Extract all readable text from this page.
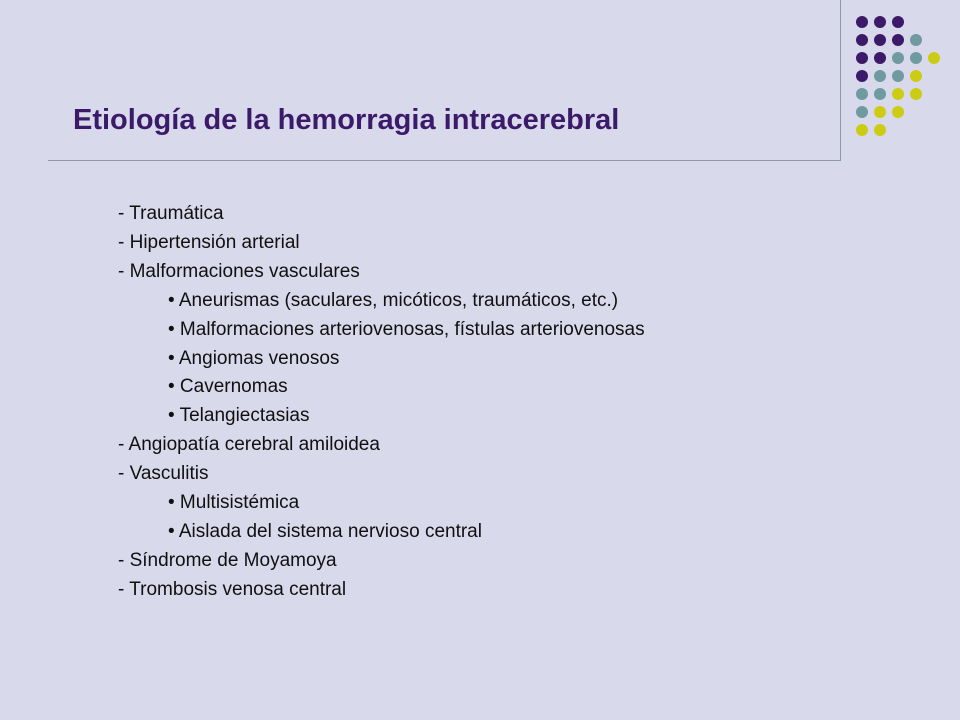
Etiología de la hemorragia intracerebral
- Traumática
- Hipertensión arterial
- Malformaciones vasculares
• Aneurismas (saculares, micóticos, traumáticos, etc.)
• Malformaciones arteriovenosas, fístulas arteriovenosas
• Angiomas venosos
• Cavernomas
• Telangiectasias
- Angiopatía cerebral amiloidea
- Vasculitis
• Multisistémica
• Aislada del sistema nervioso central
- Síndrome de Moyamoya
- Trombosis venosa central
